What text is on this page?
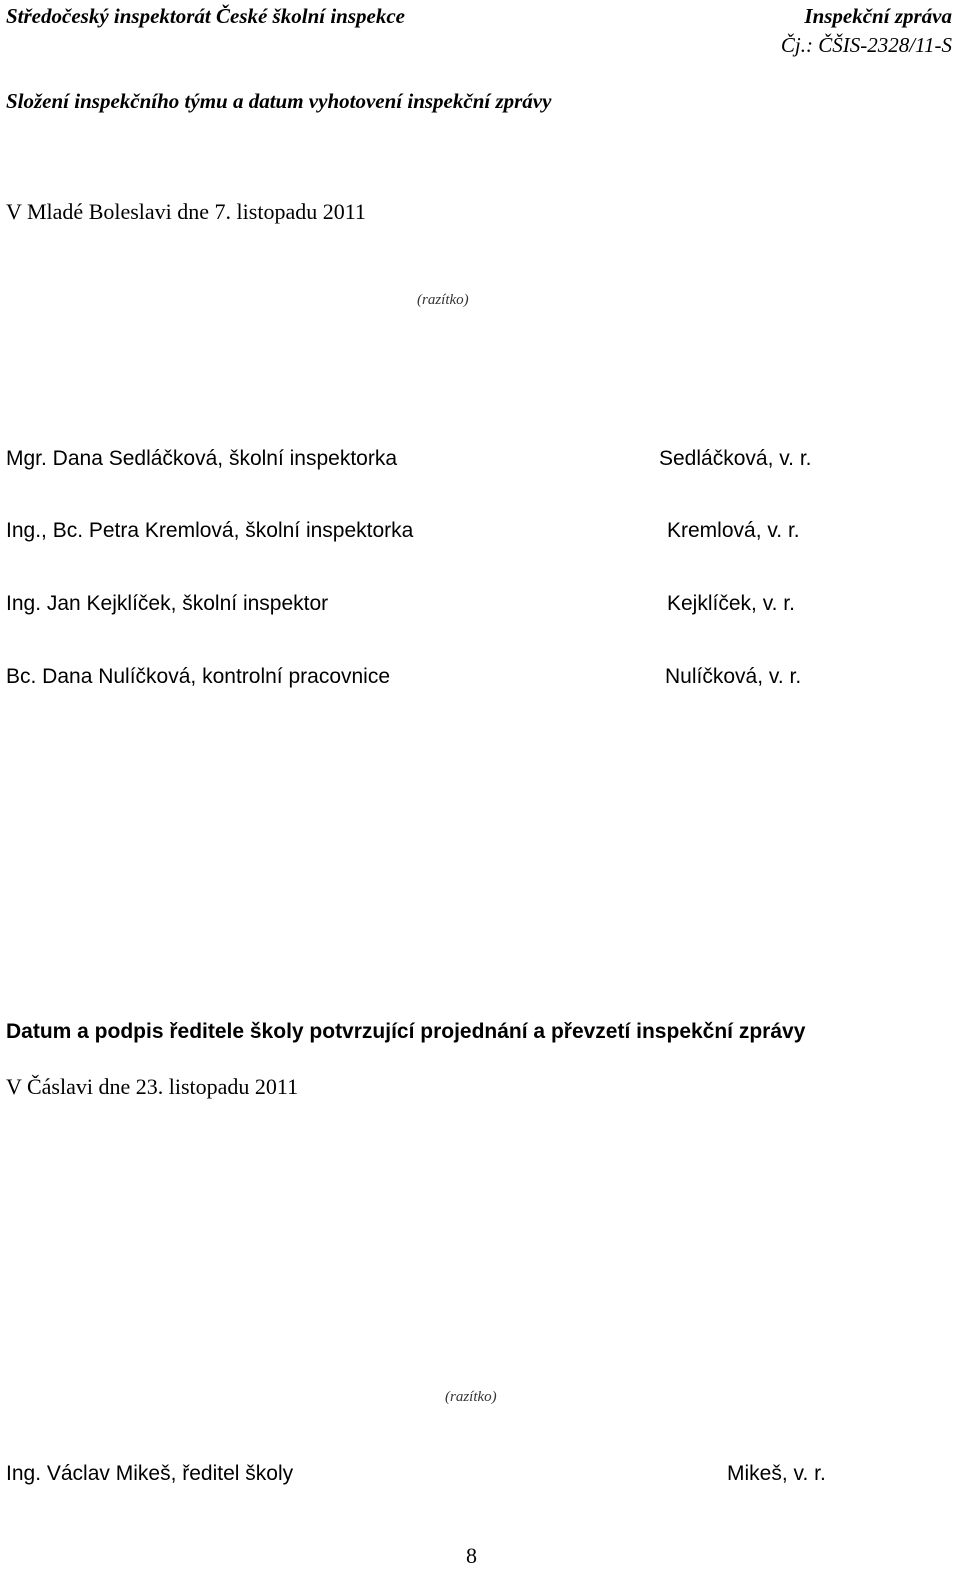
Středočeský inspektorát České školní inspekce	Inspekční zpráva
Čj.: ČŠIS-2328/11-S
Složení inspekčního týmu a datum vyhotovení inspekční zprávy
V Mladé Boleslavi dne 7. listopadu 2011
(razítko)
Mgr. Dana Sedláčková, školní inspektorka	Sedláčková, v. r.
Ing., Bc. Petra Kremlová, školní inspektorka	Kremlová, v. r.
Ing. Jan Kejklíček, školní inspektor	Kejklíček, v. r.
Bc. Dana Nulíčková, kontrolní pracovnice	Nulíčková, v. r.
Datum a podpis ředitele školy potvrzující projednání a převzetí inspekční zprávy
V Čáslavi dne 23. listopadu 2011
(razítko)
Ing. Václav Mikeš, ředitel školy	Mikeš, v. r.
8
